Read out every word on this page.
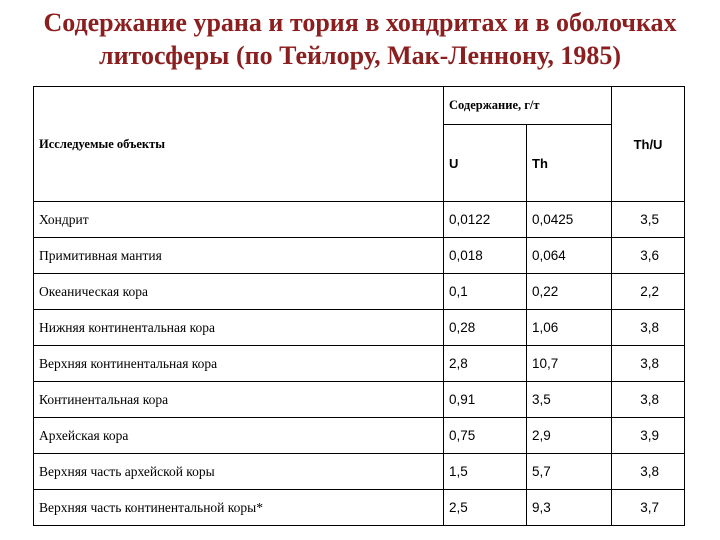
Содержание урана и тория в хондритах и в оболочках
литосферы (по Тейлору, Мак-Леннону, 1985)
Исследуемые объекты	Содержание, г/т		Th/U
	U	Th	
Хондрит	0,0122	0,0425	3,5
Примитивная мантия	0,018	0,064	3,6
Океаническая кора	0,1	0,22	2,2
Нижняя континентальная кора	0,28	1,06	3,8
Верхняя континентальная кора	2,8	10,7	3,8
Континентальная кора	0,91	3,5	3,8
Архейская кора	0,75	2,9	3,9
Верхняя часть архейской коры	1,5	5,7	3,8
Верхняя часть континентальной коры*	2,5	9,3	3,7
